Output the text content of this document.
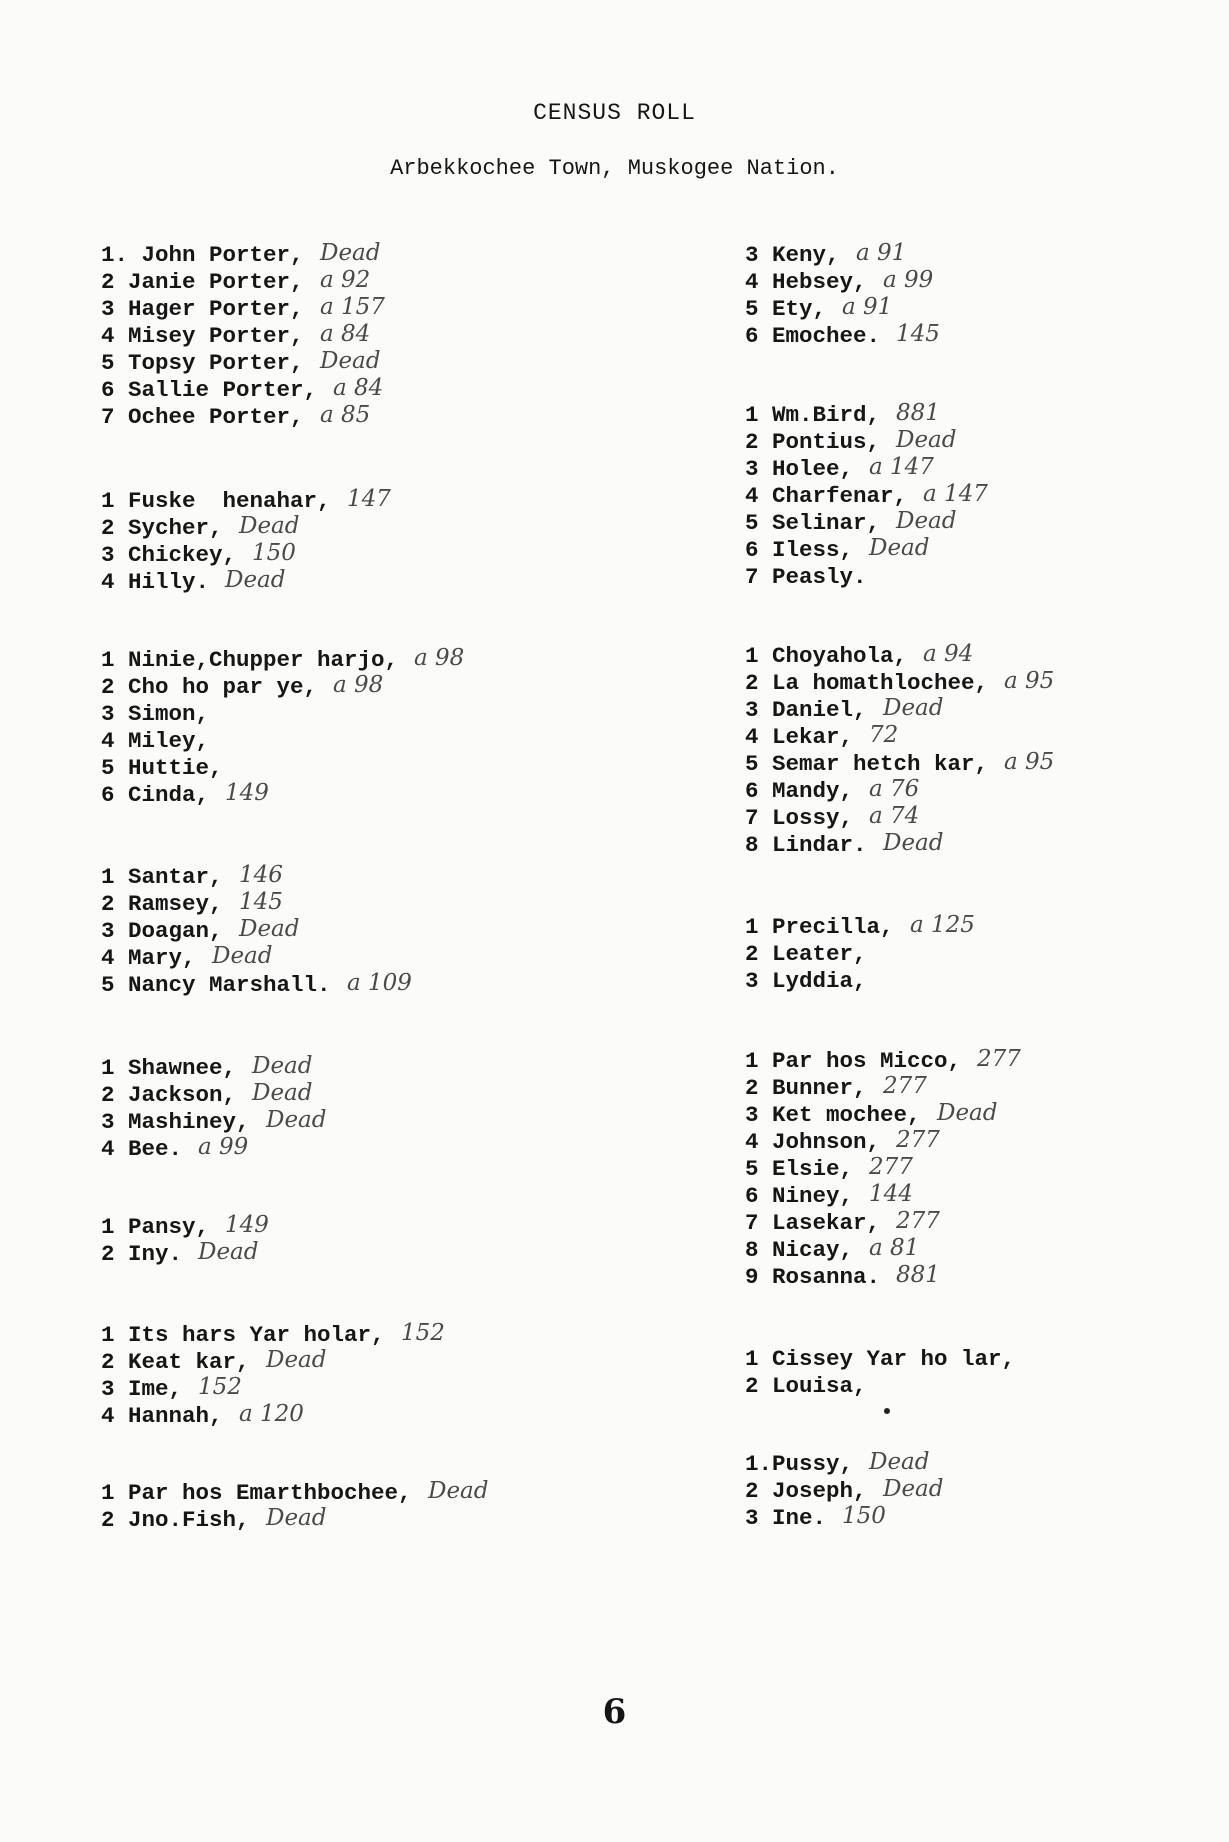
CENSUS ROLL
Arbekkochee Town, Muskogee Nation.
1. John Porter, Dead
2 Janie Porter, a 92
3 Hager Porter, a 157
4 Misey Porter, a 84
5 Topsy Porter, Dead
6 Sallie Porter, a 84
7 Ochee Porter, a 85
1 Fuske  henahar, 147
2 Sycher, Dead
3 Chickey, 150
4 Hilly. Dead
1 Ninie,Chupper harjo, a 98
2 Cho ho par ye, a 98
3 Simon,
4 Miley,
5 Huttie,
6 Cinda, 149
1 Santar, 146
2 Ramsey, 145
3 Doagan, Dead
4 Mary, Dead
5 Nancy Marshall. a 109
1 Shawnee, Dead
2 Jackson, Dead
3 Mashiney, Dead
4 Bee. a 99
1 Pansy, 149
2 Iny. Dead
1 Its hars Yar holar, 152
2 Keat kar, Dead
3 Ime, 152
4 Hannah, a 120
1 Par hos Emarthbochee, Dead
2 Jno.Fish, Dead
3 Keny, a 91
4 Hebsey, a 99
5 Ety, a 91
6 Emochee. 145
1 Wm.Bird, 881
2 Pontius, Dead
3 Holee, a 147
4 Charfenar, a 147
5 Selinar, Dead
6 Iless, Dead
7 Peasly.
1 Choyahola, a 94
2 La homathlochee, a 95
3 Daniel, Dead
4 Lekar, 72
5 Semar hetch kar, a 95
6 Mandy, a 76
7 Lossy, a 74
8 Lindar. Dead
1 Precilla, a 125
2 Leater,
3 Lyddia,
1 Par hos Micco, 277
2 Bunner, 277
3 Ket mochee, Dead
4 Johnson, 277
5 Elsie, 277
6 Niney, 144
7 Lasekar, 277
8 Nicay, a 81
9 Rosanna. 881
1 Cissey Yar ho lar,
2 Louisa,
1.Pussy, Dead
2 Joseph, Dead
3 Ine. 150
6
